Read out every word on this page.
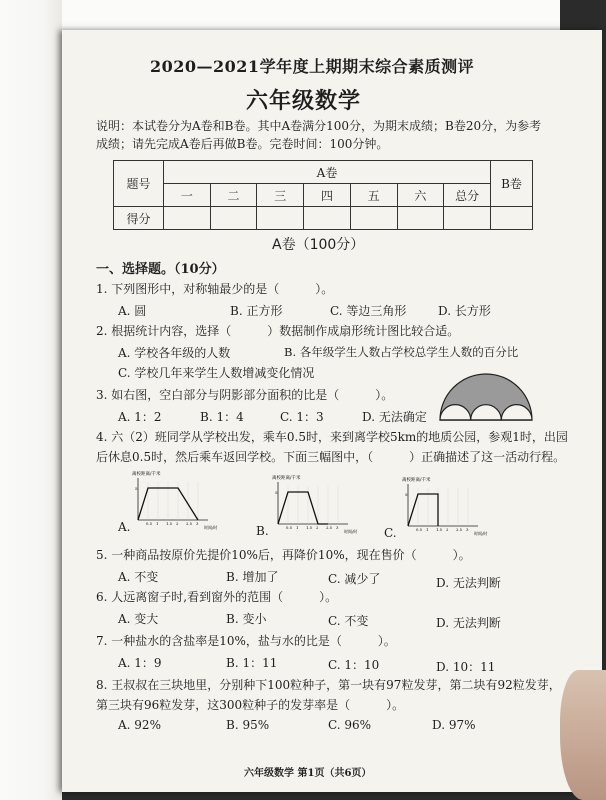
2020—2021学年度上期期末综合素质测评
六年级数学
说明：本试卷分为A卷和B卷。其中A卷满分100分，为期末成绩；B卷20分，为参考
成绩；请先完成A卷后再做B卷。完卷时间：100分钟。
题号	A卷							B卷
	一	二	三	四	五	六	总分	
得分								
A卷（100分）
一、选择题。（10分）
1. 下列图形中，对称轴最少的是（　　　）。
A. 圆	B. 正方形	C. 等边三角形	D. 长方形
2. 根据统计内容，选择（　　　）数据制作成扇形统计图比较合适。
A. 学校各年级的人数	B. 各年级学生人数占学校总学生人数的百分比
C. 学校几年来学生人数增减变化情况
3. 如右图，空白部分与阴影部分面积的比是（　　　）。
A. 1：2	B. 1：4	C. 1：3	D. 无法确定
4. 六（2）班同学从学校出发，乘车0.5时，来到离学校5km的地质公园，参观1时，出园
后休息0.5时，然后乘车返回学校。下面三幅图中，（　　　）正确描述了这一活动行程。
A.	B.	C.
离校距离/千米
5
0.5 1 1.5 2 2.5 3
时间/时
离校距离/千米
5
0.5 1 1.5 2 2.5 3
时间/时
离校距离/千米
5
0.5 1 1.5 2 2.5 3
时间/时
5. 一种商品按原价先提价10%后，再降价10%，现在售价（　　　）。
A. 不变	B. 增加了	C. 减少了	D. 无法判断
6. 人远离窗子时,看到窗外的范围（　　　）。
A. 变大	B. 变小	C. 不变	D. 无法判断
7. 一种盐水的含盐率是10%，盐与水的比是（　　　）。
A. 1：9	B. 1：11	C. 1：10	D. 10：11
8. 王叔叔在三块地里，分别种下100粒种子，第一块有97粒发芽，第二块有92粒发芽，
第三块有96粒发芽，这300粒种子的发芽率是（　　　）。
A. 92%	B. 95%	C. 96%	D. 97%
六年级数学 第1页（共6页）
